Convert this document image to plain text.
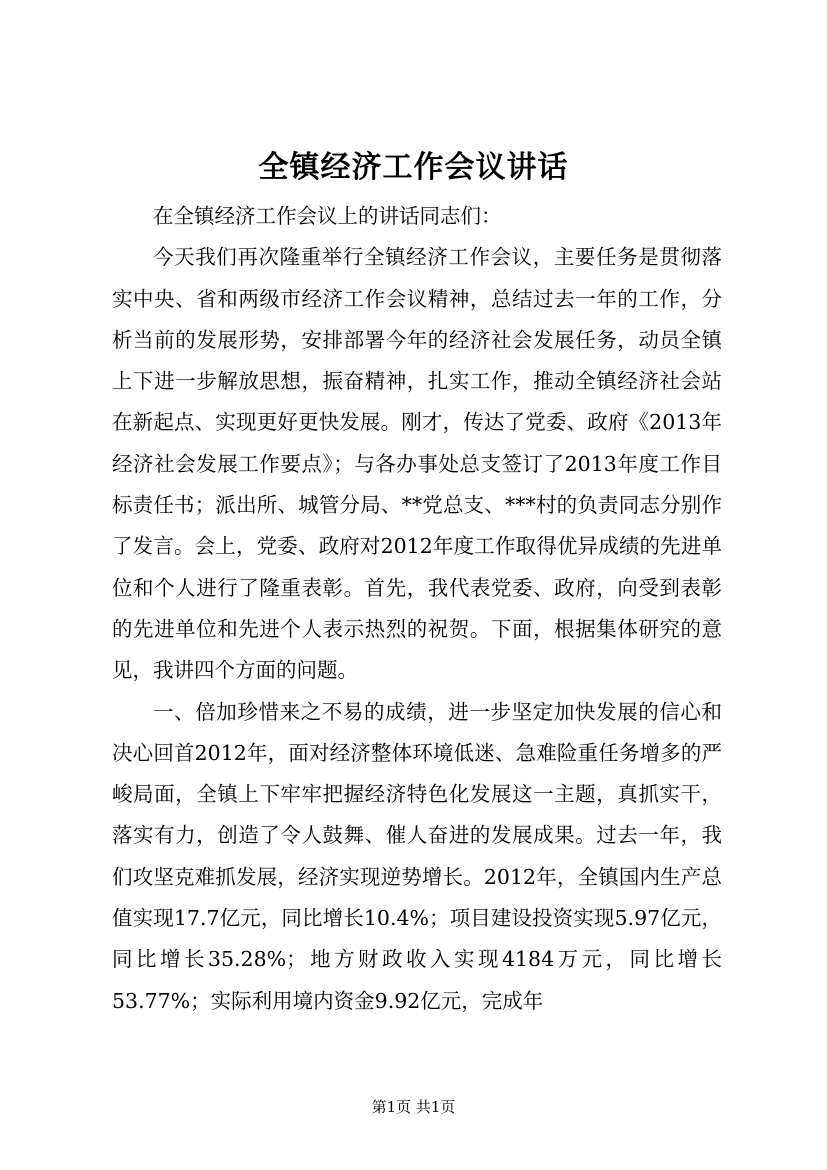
全镇经济工作会议讲话

在全镇经济工作会议上的讲话同志们：

今天我们再次隆重举行全镇经济工作会议，主要任务是贯彻落实中央、省和两级市经济工作会议精神，总结过去一年的工作，分析当前的发展形势，安排部署今年的经济社会发展任务，动员全镇上下进一步解放思想，振奋精神，扎实工作，推动全镇经济社会站在新起点、实现更好更快发展。刚才，传达了党委、政府《2013年经济社会发展工作要点》；与各办事处总支签订了2013年度工作目标责任书；派出所、城管分局、**党总支、***村的负责同志分别作了发言。会上，党委、政府对2012年度工作取得优异成绩的先进单位和个人进行了隆重表彰。首先，我代表党委、政府，向受到表彰的先进单位和先进个人表示热烈的祝贺。下面，根据集体研究的意见，我讲四个方面的问题。

一、倍加珍惜来之不易的成绩，进一步坚定加快发展的信心和决心回首2012年，面对经济整体环境低迷、急难险重任务增多的严峻局面，全镇上下牢牢把握经济特色化发展这一主题，真抓实干，落实有力，创造了令人鼓舞、催人奋进的发展成果。过去一年，我们攻坚克难抓发展，经济实现逆势增长。2012年，全镇国内生产总值实现17.7亿元，同比增长10.4%；项目建设投资实现5.97亿元，同比增长35.28%；地方财政收入实现4184万元，同比增长53.77%；实际利用境内资金9.92亿元，完成年

第1页 共1页
